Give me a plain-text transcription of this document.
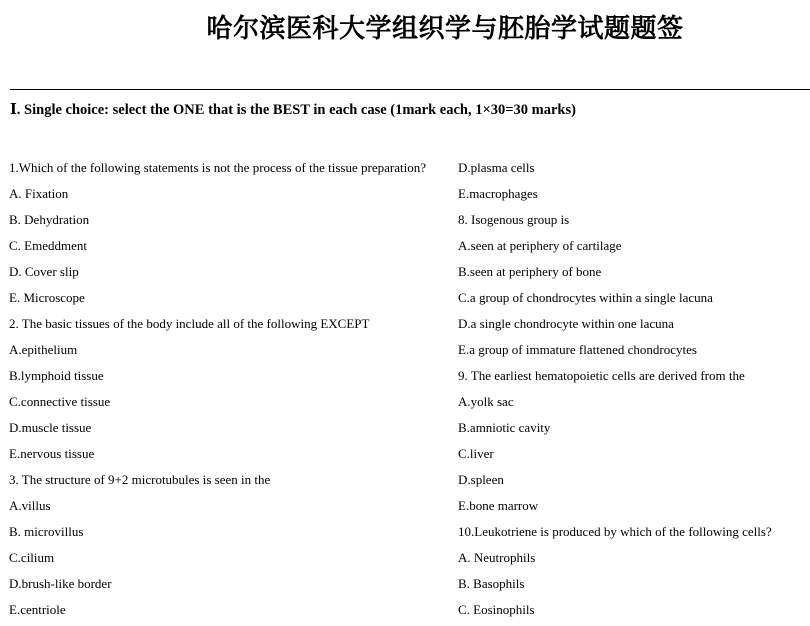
哈尔滨医科大学组织学与胚胎学试题题签
Ⅰ. Single choice: select the ONE that is the BEST in each case (1mark each, 1×30=30 marks)
1.Which of the following statements is not the process of the tissue preparation?
A. Fixation
B. Dehydration
C. Emeddment
D. Cover slip
E. Microscope
2. The basic tissues of the body include all of the following EXCEPT
A.epithelium
B.lymphoid tissue
C.connective tissue
D.muscle tissue
E.nervous tissue
3. The structure of 9+2 microtubules is seen in the
A.villus
B. microvillus
C.cilium
D.brush-like border
E.centriole
D.plasma cells
E.macrophages
8. Isogenous group is
A.seen at periphery of cartilage
B.seen at periphery of bone
C.a group of chondrocytes within a single lacuna
D.a single chondrocyte within one lacuna
E.a group of immature flattened chondrocytes
9. The earliest hematopoietic cells are derived from the
A.yolk sac
B.amniotic cavity
C.liver
D.spleen
E.bone marrow
10.Leukotriene is produced by which of the following cells?
A. Neutrophils
B. Basophils
C. Eosinophils
